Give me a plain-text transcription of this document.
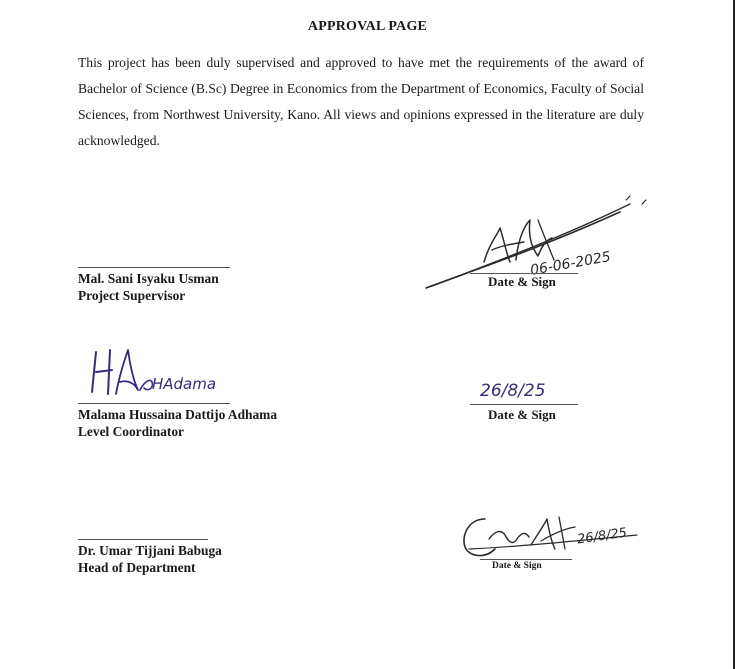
APPROVAL PAGE
This project has been duly supervised and approved to have met the requirements of the award of Bachelor of Science (B.Sc) Degree in Economics from the Department of Economics, Faculty of Social Sciences, from Northwest University, Kano. All views and opinions expressed in the literature are duly acknowledged.
Mal. Sani Isyaku Usman
Project Supervisor
06-06-2025
Date & Sign
HAdama
Malama Hussaina Dattijo Adhama
Level Coordinator
26/8/25
Date & Sign
Dr. Umar Tijjani Babuga
Head of Department
26/8/25
Date & Sign
